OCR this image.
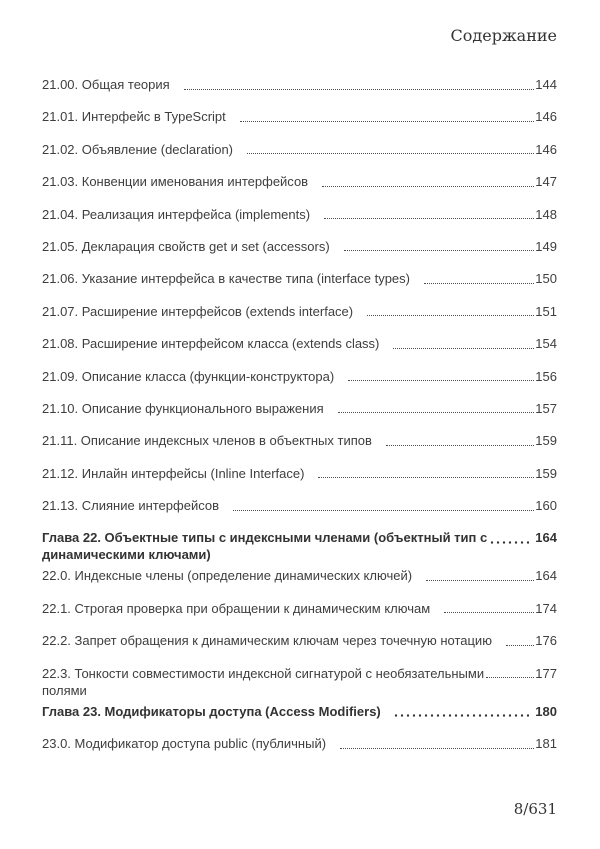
Содержание
21.00. Общая теория	144
21.01. Интерфейс в TypeScript	146
21.02. Объявление (declaration)	146
21.03. Конвенции именования интерфейсов	147
21.04. Реализация интерфейса (implements)	148
21.05. Декларация свойств get и set (accessors)	149
21.06. Указание интерфейса в качестве типа (interface types)	150
21.07. Расширение интерфейсов (extends interface)	151
21.08. Расширение интерфейсом класса (extends class)	154
21.09. Описание класса (функции-конструктора)	156
21.10. Описание функционального выражения	157
21.11. Описание индексных членов в объектных типов	159
21.12. Инлайн интерфейсы (Inline Interface)	159
21.13. Слияние интерфейсов	160
Глава 22. Объектные типы с индексными членами (объектный тип с	164
динамическими ключами)
22.0. Индексные члены (определение динамических ключей)	164
22.1. Строгая проверка при обращении к динамическим ключам	174
22.2. Запрет обращения к динамическим ключам через точечную нотацию	176
22.3. Тонкости совместимости индексной сигнатурой с необязательными	177
полями
Глава 23. Модификаторы доступа (Access Modifiers)	180
23.0. Модификатор доступа public (публичный)	181
8/631
